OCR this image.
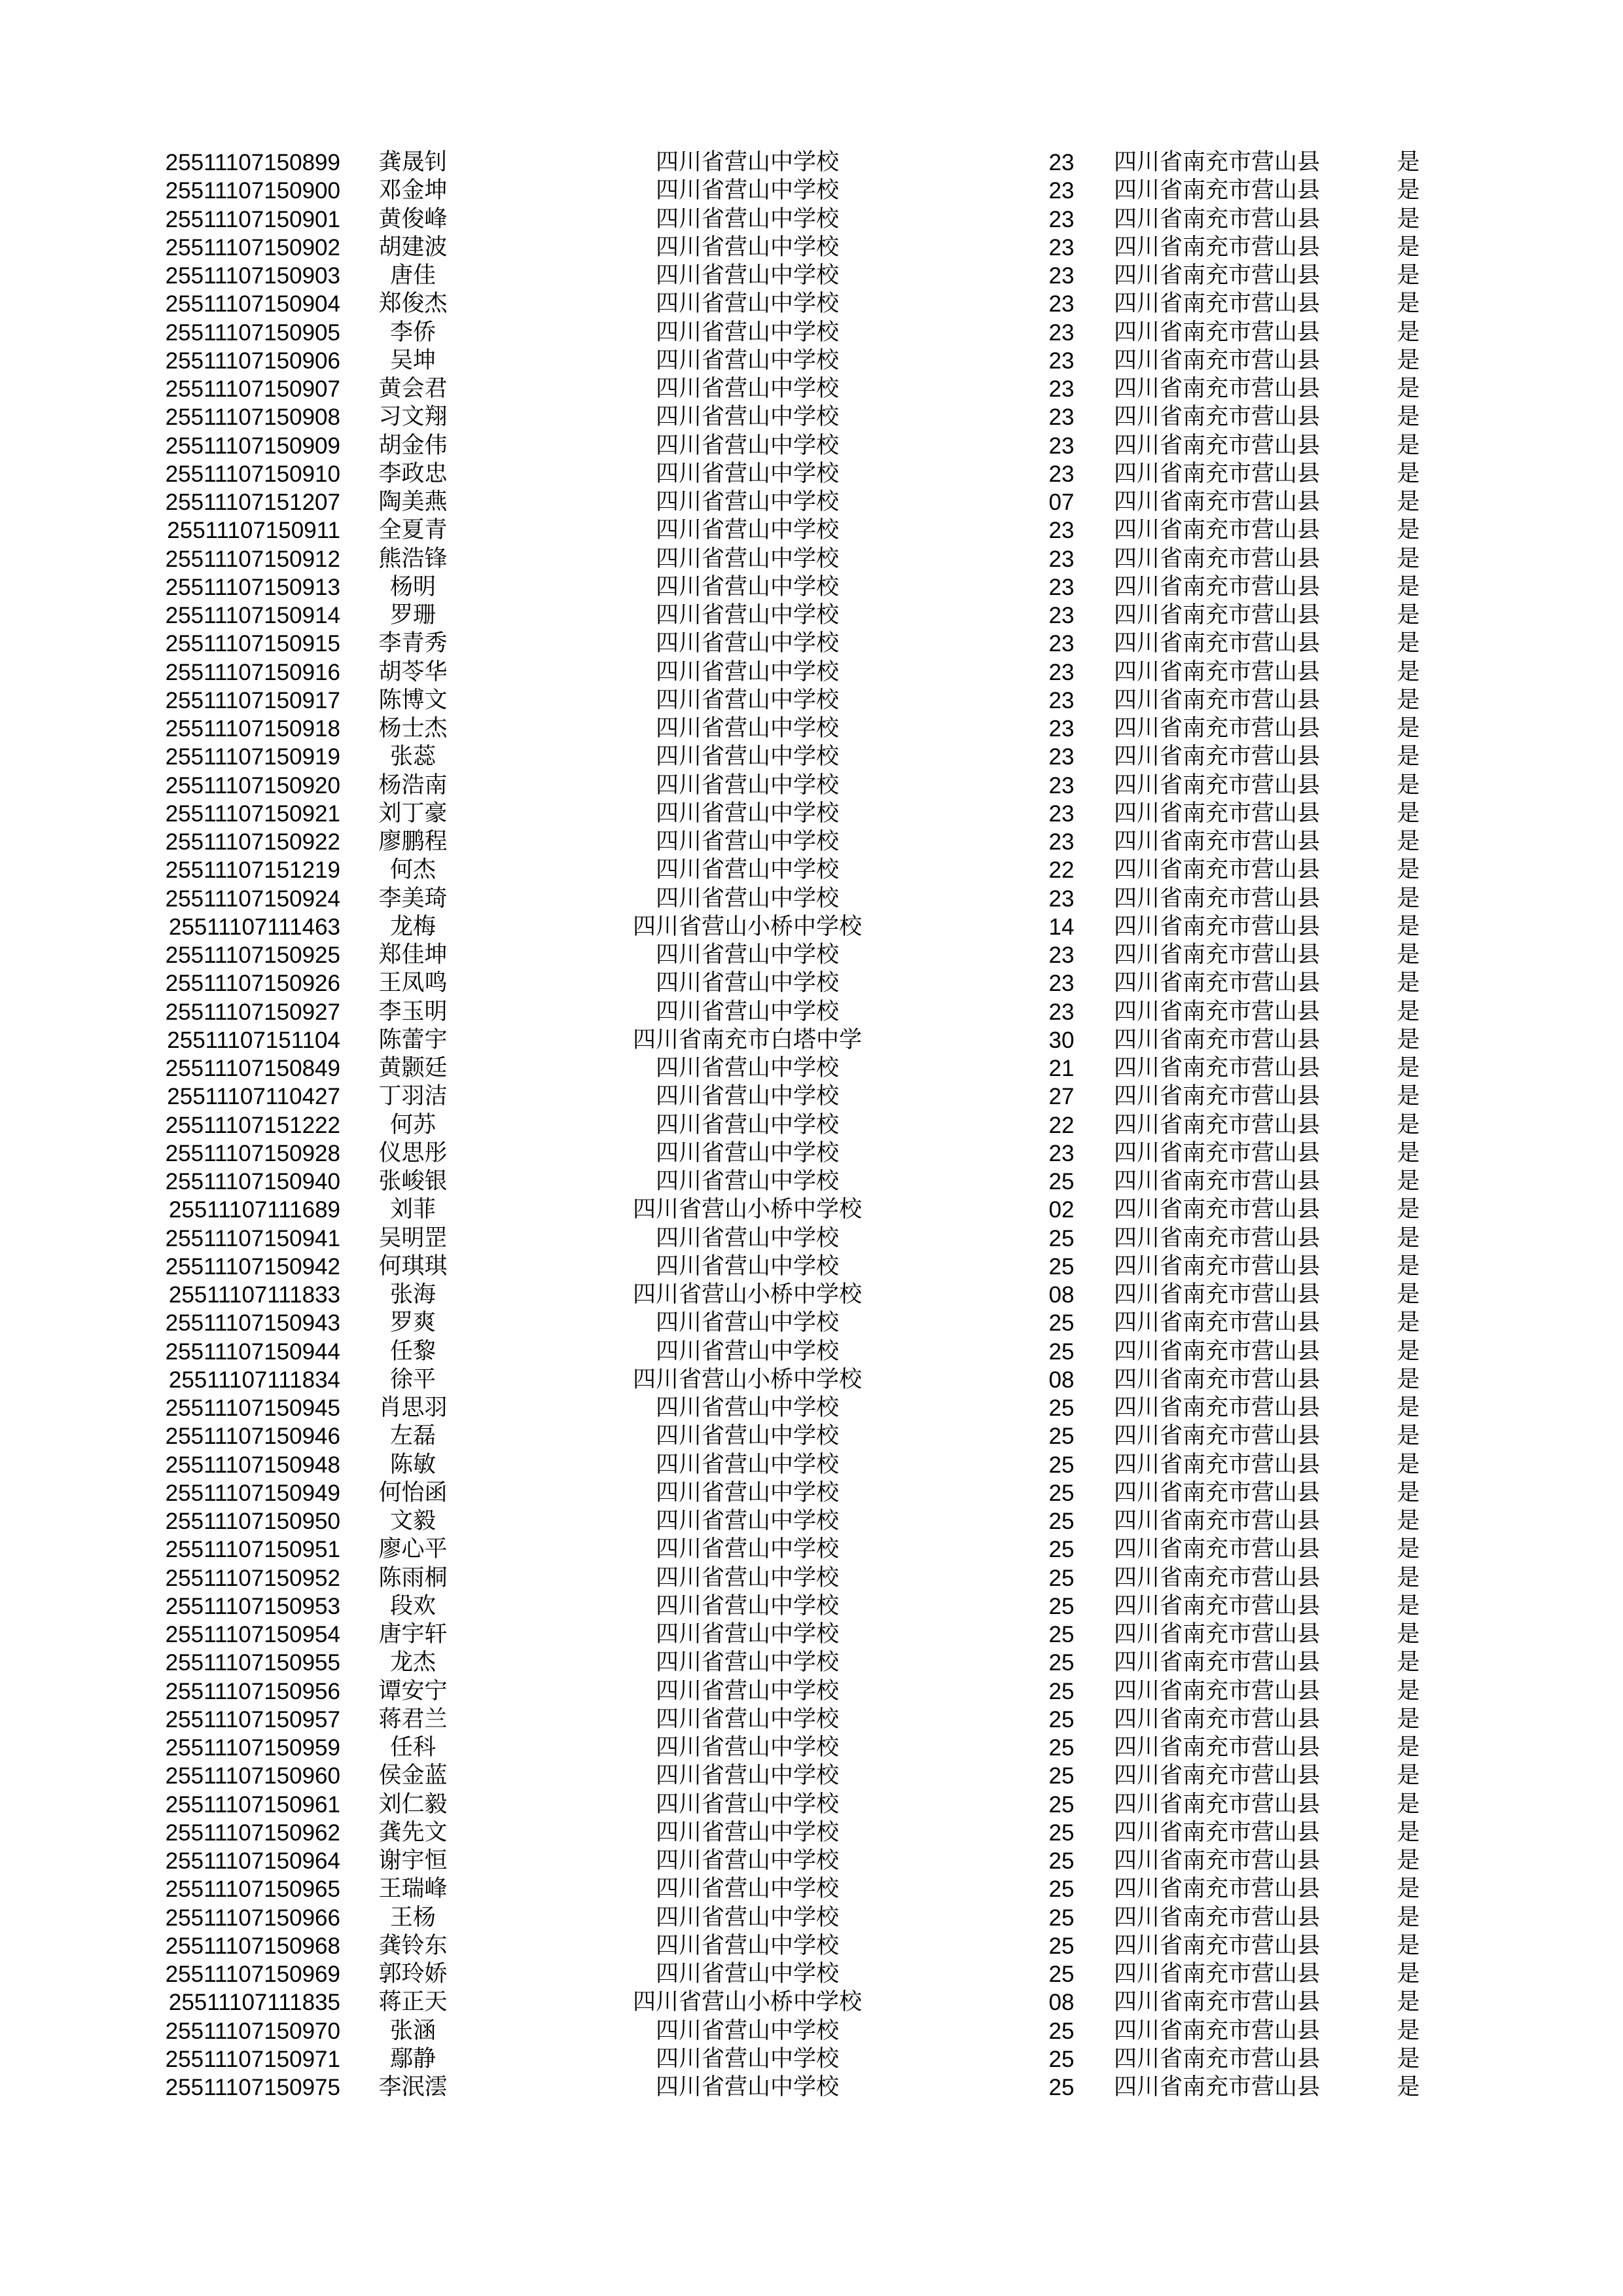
25511107150899	龚晟钊	四川省营山中学校	23	四川省南充市营山县	是	
25511107150900	邓金坤	四川省营山中学校	23	四川省南充市营山县	是	
25511107150901	黄俊峰	四川省营山中学校	23	四川省南充市营山县	是	
25511107150902	胡建波	四川省营山中学校	23	四川省南充市营山县	是	
25511107150903	唐佳	四川省营山中学校	23	四川省南充市营山县	是	
25511107150904	郑俊杰	四川省营山中学校	23	四川省南充市营山县	是	
25511107150905	李侨	四川省营山中学校	23	四川省南充市营山县	是	
25511107150906	吴坤	四川省营山中学校	23	四川省南充市营山县	是	
25511107150907	黄会君	四川省营山中学校	23	四川省南充市营山县	是	
25511107150908	习文翔	四川省营山中学校	23	四川省南充市营山县	是	
25511107150909	胡金伟	四川省营山中学校	23	四川省南充市营山县	是	
25511107150910	李政忠	四川省营山中学校	23	四川省南充市营山县	是	
25511107151207	陶美燕	四川省营山中学校	07	四川省南充市营山县	是	
25511107150911	全夏青	四川省营山中学校	23	四川省南充市营山县	是	
25511107150912	熊浩锋	四川省营山中学校	23	四川省南充市营山县	是	
25511107150913	杨明	四川省营山中学校	23	四川省南充市营山县	是	
25511107150914	罗珊	四川省营山中学校	23	四川省南充市营山县	是	
25511107150915	李青秀	四川省营山中学校	23	四川省南充市营山县	是	
25511107150916	胡苓华	四川省营山中学校	23	四川省南充市营山县	是	
25511107150917	陈博文	四川省营山中学校	23	四川省南充市营山县	是	
25511107150918	杨士杰	四川省营山中学校	23	四川省南充市营山县	是	
25511107150919	张蕊	四川省营山中学校	23	四川省南充市营山县	是	
25511107150920	杨浩南	四川省营山中学校	23	四川省南充市营山县	是	
25511107150921	刘丁豪	四川省营山中学校	23	四川省南充市营山县	是	
25511107150922	廖鹏程	四川省营山中学校	23	四川省南充市营山县	是	
25511107151219	何杰	四川省营山中学校	22	四川省南充市营山县	是	
25511107150924	李美琦	四川省营山中学校	23	四川省南充市营山县	是	
25511107111463	龙梅	四川省营山小桥中学校	14	四川省南充市营山县	是	
25511107150925	郑佳坤	四川省营山中学校	23	四川省南充市营山县	是	
25511107150926	王凤鸣	四川省营山中学校	23	四川省南充市营山县	是	
25511107150927	李玉明	四川省营山中学校	23	四川省南充市营山县	是	
25511107151104	陈蕾宇	四川省南充市白塔中学	30	四川省南充市营山县	是	
25511107150849	黄颢廷	四川省营山中学校	21	四川省南充市营山县	是	
25511107110427	丁羽洁	四川省营山中学校	27	四川省南充市营山县	是	
25511107151222	何苏	四川省营山中学校	22	四川省南充市营山县	是	
25511107150928	仪思彤	四川省营山中学校	23	四川省南充市营山县	是	
25511107150940	张峻银	四川省营山中学校	25	四川省南充市营山县	是	
25511107111689	刘菲	四川省营山小桥中学校	02	四川省南充市营山县	是	
25511107150941	吴明罡	四川省营山中学校	25	四川省南充市营山县	是	
25511107150942	何琪琪	四川省营山中学校	25	四川省南充市营山县	是	
25511107111833	张海	四川省营山小桥中学校	08	四川省南充市营山县	是	
25511107150943	罗爽	四川省营山中学校	25	四川省南充市营山县	是	
25511107150944	任黎	四川省营山中学校	25	四川省南充市营山县	是	
25511107111834	徐平	四川省营山小桥中学校	08	四川省南充市营山县	是	
25511107150945	肖思羽	四川省营山中学校	25	四川省南充市营山县	是	
25511107150946	左磊	四川省营山中学校	25	四川省南充市营山县	是	
25511107150948	陈敏	四川省营山中学校	25	四川省南充市营山县	是	
25511107150949	何怡函	四川省营山中学校	25	四川省南充市营山县	是	
25511107150950	文毅	四川省营山中学校	25	四川省南充市营山县	是	
25511107150951	廖心平	四川省营山中学校	25	四川省南充市营山县	是	
25511107150952	陈雨桐	四川省营山中学校	25	四川省南充市营山县	是	
25511107150953	段欢	四川省营山中学校	25	四川省南充市营山县	是	
25511107150954	唐宇轩	四川省营山中学校	25	四川省南充市营山县	是	
25511107150955	龙杰	四川省营山中学校	25	四川省南充市营山县	是	
25511107150956	谭安宁	四川省营山中学校	25	四川省南充市营山县	是	
25511107150957	蒋君兰	四川省营山中学校	25	四川省南充市营山县	是	
25511107150959	任科	四川省营山中学校	25	四川省南充市营山县	是	
25511107150960	侯金蓝	四川省营山中学校	25	四川省南充市营山县	是	
25511107150961	刘仁毅	四川省营山中学校	25	四川省南充市营山县	是	
25511107150962	龚先文	四川省营山中学校	25	四川省南充市营山县	是	
25511107150964	谢宇恒	四川省营山中学校	25	四川省南充市营山县	是	
25511107150965	王瑞峰	四川省营山中学校	25	四川省南充市营山县	是	
25511107150966	王杨	四川省营山中学校	25	四川省南充市营山县	是	
25511107150968	龚铃东	四川省营山中学校	25	四川省南充市营山县	是	
25511107150969	郭玲娇	四川省营山中学校	25	四川省南充市营山县	是	
25511107111835	蒋正天	四川省营山小桥中学校	08	四川省南充市营山县	是	
25511107150970	张涵	四川省营山中学校	25	四川省南充市营山县	是	
25511107150971	鄢静	四川省营山中学校	25	四川省南充市营山县	是	
25511107150975	李泯澐	四川省营山中学校	25	四川省南充市营山县	是	
